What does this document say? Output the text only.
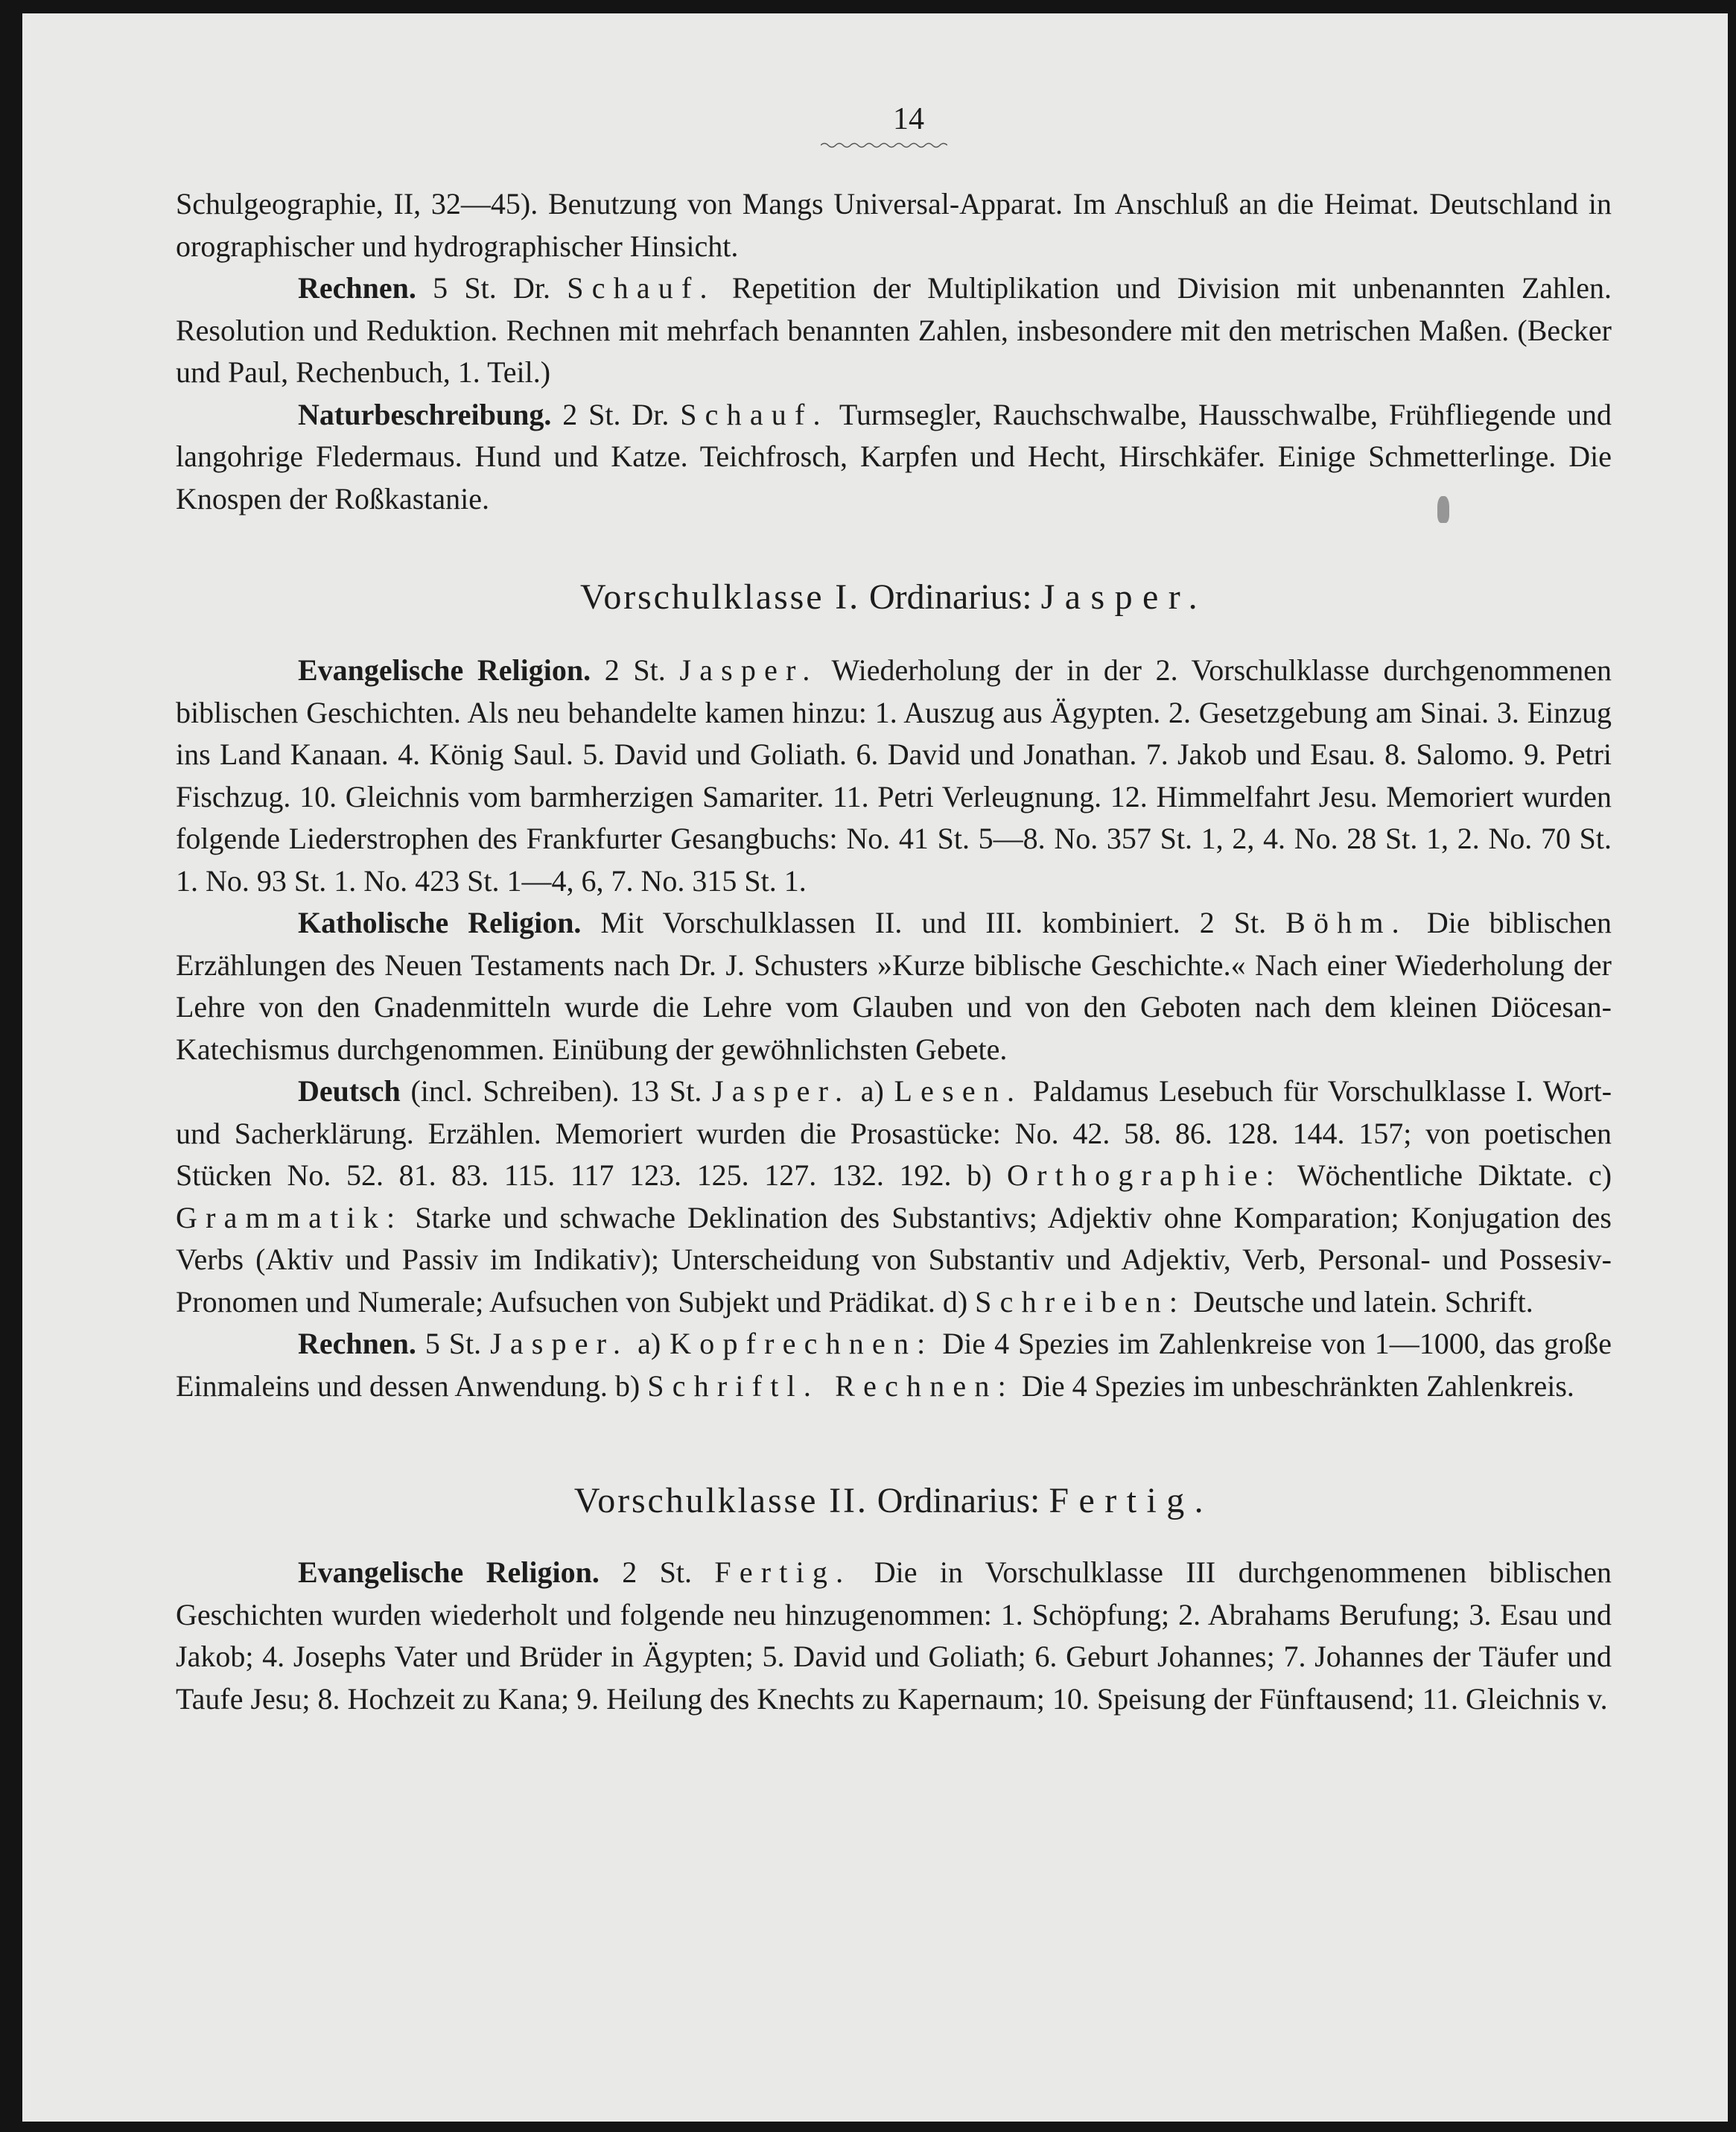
14

Schulgeographie, II, 32—45). Benutzung von Mangs Universal-Apparat. Im Anschluß an die Heimat. Deutschland in orographischer und hydrographischer Hinsicht.

Rechnen. 5 St. Dr. Schauf. Repetition der Multiplikation und Division mit unbenannten Zahlen. Resolution und Reduktion. Rechnen mit mehrfach benannten Zahlen, insbesondere mit den metrischen Maßen. (Becker und Paul, Rechenbuch, 1. Teil.)

Naturbeschreibung. 2 St. Dr. Schauf. Turmsegler, Rauchschwalbe, Hausschwalbe, Frühfliegende und langohrige Fledermaus. Hund und Katze. Teichfrosch, Karpfen und Hecht, Hirschkäfer. Einige Schmetterlinge. Die Knospen der Roßkastanie.

Vorschulklasse I. Ordinarius: Jasper.

Evangelische Religion. 2 St. Jasper. Wiederholung der in der 2. Vorschulklasse durchgenommenen biblischen Geschichten. Als neu behandelte kamen hinzu: 1. Auszug aus Ägypten. 2. Gesetzgebung am Sinai. 3. Einzug ins Land Kanaan. 4. König Saul. 5. David und Goliath. 6. David und Jonathan. 7. Jakob und Esau. 8. Salomo. 9. Petri Fischzug. 10. Gleichnis vom barmherzigen Samariter. 11. Petri Verleugnung. 12. Himmelfahrt Jesu. Memoriert wurden folgende Liederstrophen des Frankfurter Gesangbuchs: No. 41 St. 5—8. No. 357 St. 1, 2, 4. No. 28 St. 1, 2. No. 70 St. 1. No. 93 St. 1. No. 423 St. 1—4, 6, 7. No. 315 St. 1.

Katholische Religion. Mit Vorschulklassen II. und III. kombiniert. 2 St. Böhm. Die biblischen Erzählungen des Neuen Testaments nach Dr. J. Schusters »Kurze biblische Geschichte.« Nach einer Wiederholung der Lehre von den Gnadenmitteln wurde die Lehre vom Glauben und von den Geboten nach dem kleinen Diöcesan-Katechismus durchgenommen. Einübung der gewöhnlichsten Gebete.

Deutsch (incl. Schreiben). 13 St. Jasper. a) Lesen. Paldamus Lesebuch für Vorschulklasse I. Wort- und Sacherklärung. Erzählen. Memoriert wurden die Prosastücke: No. 42. 58. 86. 128. 144. 157; von poetischen Stücken No. 52. 81. 83. 115. 117 123. 125. 127. 132. 192. b) Orthographie: Wöchentliche Diktate. c) Grammatik: Starke und schwache Deklination des Substantivs; Adjektiv ohne Komparation; Konjugation des Verbs (Aktiv und Passiv im Indikativ); Unterscheidung von Substantiv und Adjektiv, Verb, Personal- und Possesiv-Pronomen und Numerale; Aufsuchen von Subjekt und Prädikat. d) Schreiben: Deutsche und latein. Schrift.

Rechnen. 5 St. Jasper. a) Kopfrechnen: Die 4 Spezies im Zahlenkreise von 1—1000, das große Einmaleins und dessen Anwendung. b) Schriftl. Rechnen: Die 4 Spezies im unbeschränkten Zahlenkreis.

Vorschulklasse II. Ordinarius: Fertig.

Evangelische Religion. 2 St. Fertig. Die in Vorschulklasse III durchgenommenen biblischen Geschichten wurden wiederholt und folgende neu hinzugenommen: 1. Schöpfung; 2. Abrahams Berufung; 3. Esau und Jakob; 4. Josephs Vater und Brüder in Ägypten; 5. David und Goliath; 6. Geburt Johannes; 7. Johannes der Täufer und Taufe Jesu; 8. Hochzeit zu Kana; 9. Heilung des Knechts zu Kapernaum; 10. Speisung der Fünftausend; 11. Gleichnis v.
